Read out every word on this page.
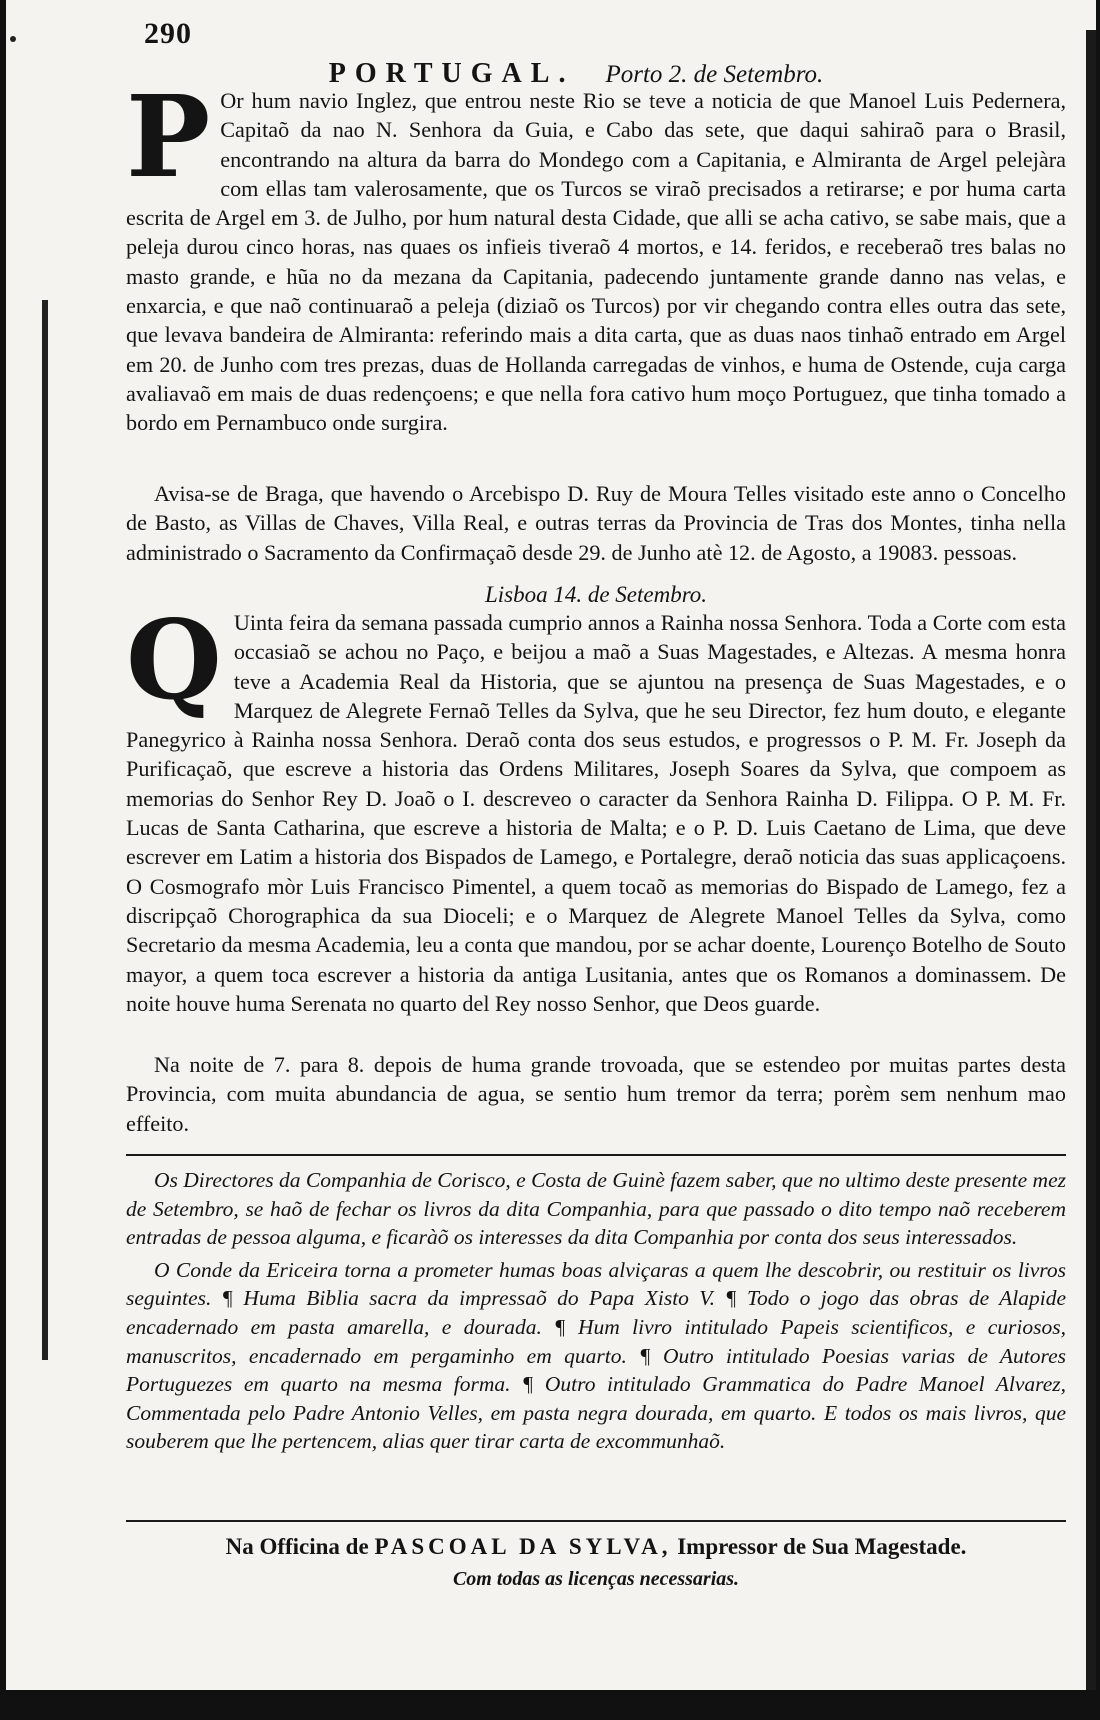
290
PORTUGAL. Porto 2. de Setembro.
P Or hum navio Inglez, que entrou neste Rio se teve a noticia de que Manoel Luis Pedernera, Capitaõ da nao N. Senhora da Guia, e Cabo das sete, que daqui sahiraõ para o Brasil, encontrando na altura da barra do Mondego com a Capitania, e Almiranta de Argel pelejàra com ellas tam valerosamente, que os Turcos se viraõ precisados a retirarse; e por huma carta escrita de Argel em 3. de Julho, por hum natural desta Cidade, que alli se acha cativo, se sabe mais, que a peleja durou cinco horas, nas quaes os infieis tiveraõ 4 mortos, e 14. feridos, e receberaõ tres balas no masto grande, e hũa no da mezana da Capitania, padecendo juntamente grande danno nas velas, e enxarcia, e que naõ continuaraõ a peleja (diziaõ os Turcos) por vir chegando contra elles outra das sete, que levava bandeira de Almiranta: referindo mais a dita carta, que as duas naos tinhaõ entrado em Argel em 20. de Junho com tres prezas, duas de Hollanda carregadas de vinhos, e huma de Ostende, cuja carga avaliavaõ em mais de duas redençoens; e que nella fora cativo hum moço Portuguez, que tinha tomado a bordo em Pernambuco onde surgira.
Avisa-se de Braga, que havendo o Arcebispo D. Ruy de Moura Telles visitado este anno o Concelho de Basto, as Villas de Chaves, Villa Real, e outras terras da Provincia de Tras dos Montes, tinha nella administrado o Sacramento da Confirmaçaõ desde 29. de Junho atè 12. de Agosto, a 19083. pessoas.
Lisboa 14. de Setembro.
Q Uinta feira da semana passada cumprio annos a Rainha nossa Senhora. Toda a Corte com esta occasiaõ se achou no Paço, e beijou a maõ a Suas Magestades, e Altezas. A mesma honra teve a Academia Real da Historia, que se ajuntou na presença de Suas Magestades, e o Marquez de Alegrete Fernaõ Telles da Sylva, que he seu Director, fez hum douto, e elegante Panegyrico à Rainha nossa Senhora. Deraõ conta dos seus estudos, e progressos o P. M. Fr. Joseph da Purificaçaõ, que escreve a historia das Ordens Militares, Joseph Soares da Sylva, que compoem as memorias do Senhor Rey D. Joaõ o I. descreveo o caracter da Senhora Rainha D. Filippa. O P. M. Fr. Lucas de Santa Catharina, que escreve a historia de Malta; e o P. D. Luis Caetano de Lima, que deve escrever em Latim a historia dos Bispados de Lamego, e Portalegre, deraõ noticia das suas applicaçoens. O Cosmografo mòr Luis Francisco Pimentel, a quem tocaõ as memorias do Bispado de Lamego, fez a discripçaõ Chorographica da sua Dioceli; e o Marquez de Alegrete Manoel Telles da Sylva, como Secretario da mesma Academia, leu a conta que mandou, por se achar doente, Lourenço Botelho de Souto mayor, a quem toca escrever a historia da antiga Lusitania, antes que os Romanos a dominassem. De noite houve huma Serenata no quarto del Rey nosso Senhor, que Deos guarde.
Na noite de 7. para 8. depois de huma grande trovoada, que se estendeo por muitas partes desta Provincia, com muita abundancia de agua, se sentio hum tremor da terra; porèm sem nenhum mao effeito.

Os Directores da Companhia de Corisco, e Costa de Guinè fazem saber, que no ultimo deste presente mez de Setembro, se haõ de fechar os livros da dita Companhia, para que passado o dito tempo naõ receberem entradas de pessoa alguma, e ficaràõ os interesses da dita Companhia por conta dos seus interessados.

O Conde da Ericeira torna a prometer humas boas alviçaras a quem lhe descobrir, ou restituir os livros seguintes. ¶ Huma Biblia sacra da impressaõ do Papa Xisto V. ¶ Todo o jogo das obras de Alapide encadernado em pasta amarella, e dourada. ¶ Hum livro intitulado Papeis scientificos, e curiosos, manuscritos, encadernado em pergaminho em quarto. ¶ Outro intitulado Poesias varias de Autores Portuguezes em quarto na mesma forma. ¶ Outro intitulado Grammatica do Padre Manoel Alvarez, Commentada pelo Padre Antonio Velles, em pasta negra dourada, em quarto. E todos os mais livros, que souberem que lhe pertencem, alias quer tirar carta de excommunhaõ.

Na Officina de PASCOAL DA SYLVA, Impressor de Sua Magestade.
Com todas as licenças necessarias.
